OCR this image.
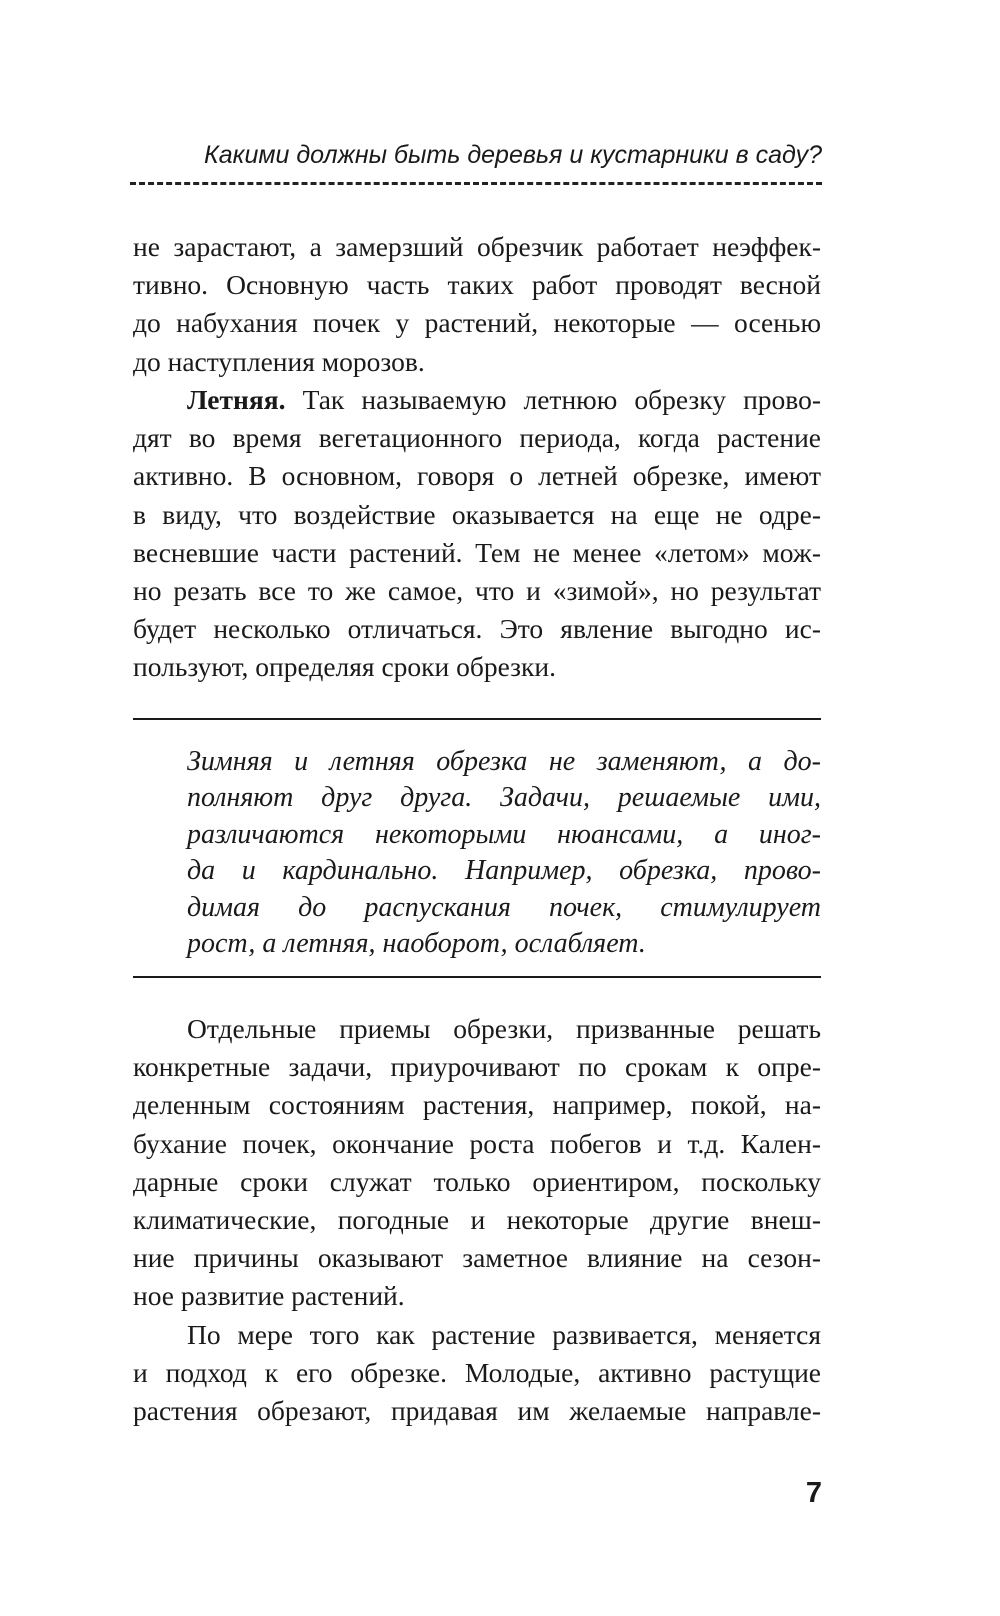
Какими должны быть деревья и кустарники в саду?
не зарастают, а замерзший обрезчик работает неэффек-
тивно. Основную часть таких работ проводят весной
до набухания почек у растений, некоторые — осенью
до наступления морозов.
Летняя. Так называемую летнюю обрезку прово-
дят во время вегетационного периода, когда растение
активно. В основном, говоря о летней обрезке, имеют
в виду, что воздействие оказывается на еще не одре-
весневшие части растений. Тем не менее «летом» мож-
но резать все то же самое, что и «зимой», но результат
будет несколько отличаться. Это явление выгодно ис-
пользуют, определяя сроки обрезки.
Зимняя и летняя обрезка не заменяют, а до-
полняют друг друга. Задачи, решаемые ими,
различаются некоторыми нюансами, а иног-
да и кардинально. Например, обрезка, прово-
димая до распускания почек, стимулирует
рост, а летняя, наоборот, ослабляет.
Отдельные приемы обрезки, призванные решать
конкретные задачи, приурочивают по срокам к опре-
деленным состояниям растения, например, покой, на-
бухание почек, окончание роста побегов и т.д. Кален-
дарные сроки служат только ориентиром, поскольку
климатические, погодные и некоторые другие внеш-
ние причины оказывают заметное влияние на сезон-
ное развитие растений.
По мере того как растение развивается, меняется
и подход к его обрезке. Молодые, активно растущие
растения обрезают, придавая им желаемые направле-
7
